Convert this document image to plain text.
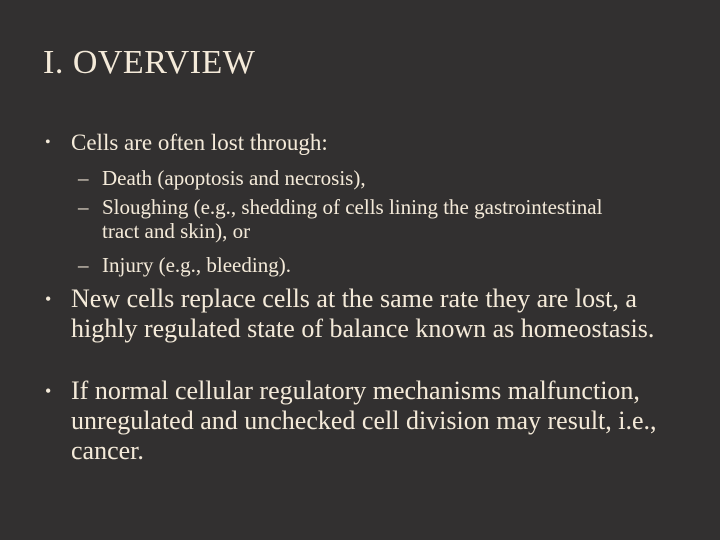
I. OVERVIEW
• Cells are often lost through:
– Death (apoptosis and necrosis),
– Sloughing (e.g., shedding of cells lining the gastrointestinal tract and skin), or
– Injury (e.g., bleeding).
• New cells replace cells at the same rate they are lost, a highly regulated state of balance known as homeostasis.
• If normal cellular regulatory mechanisms malfunction, unregulated and unchecked cell division may result, i.e., cancer.
